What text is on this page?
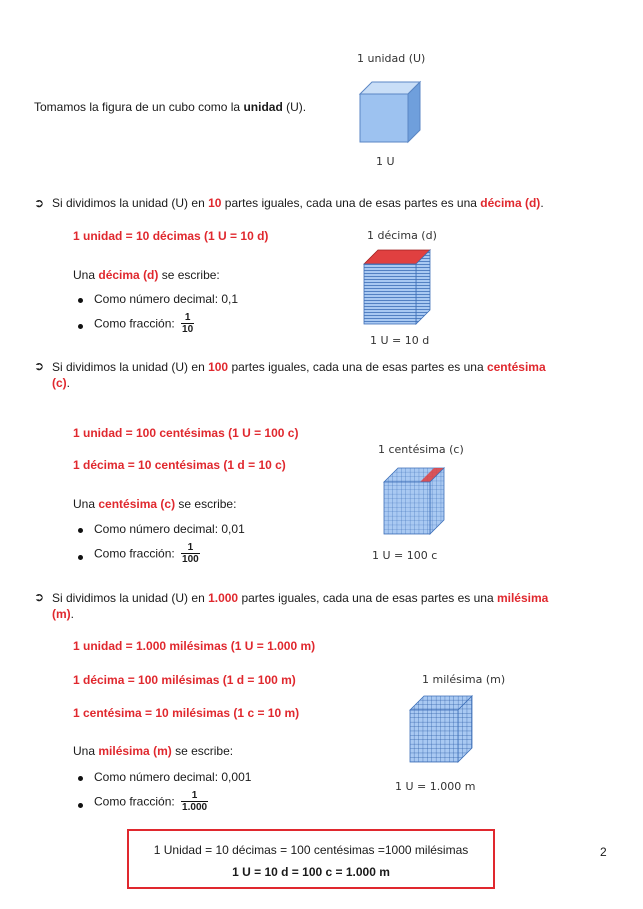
1 unidad (U)
Tomamos la figura de un cubo como la unidad (U).
1 U
➲ Si dividimos la unidad (U) en 10 partes iguales, cada una de esas partes es una décima (d).
1 unidad = 10 décimas (1 U = 10 d)	1 décima (d)
Una décima (d) se escribe:
Como número decimal: 0,1
Como fracción: $\frac{1}{10}$
1 U = 10 d
➲ Si dividimos la unidad (U) en 100 partes iguales, cada una de esas partes es una centésima
(c).
1 unidad = 100 centésimas (1 U = 100 c)
1 centésima (c)
1 décima = 10 centésimas (1 d = 10 c)
Una centésima (c) se escribe:
Como número decimal: 0,01
Como fracción: $\frac{1}{100}$	1 U = 100 c
➲ Si dividimos la unidad (U) en 1.000 partes iguales, cada una de esas partes es una milésima
(m).
1 unidad = 1.000 milésimas (1 U = 1.000 m)
1 décima = 100 milésimas (1 d = 100 m)	1 milésima (m)
1 centésima = 10 milésimas (1 c = 10 m)
Una milésima (m) se escribe:
Como número decimal: 0,001
Como fracción: $\frac{1}{1.000}$
1 U = 1.000 m
1 Unidad = 10 décimas = 100 centésimas =1000 milésimas
1 U = 10 d = 100 c = 1.000 m
2
